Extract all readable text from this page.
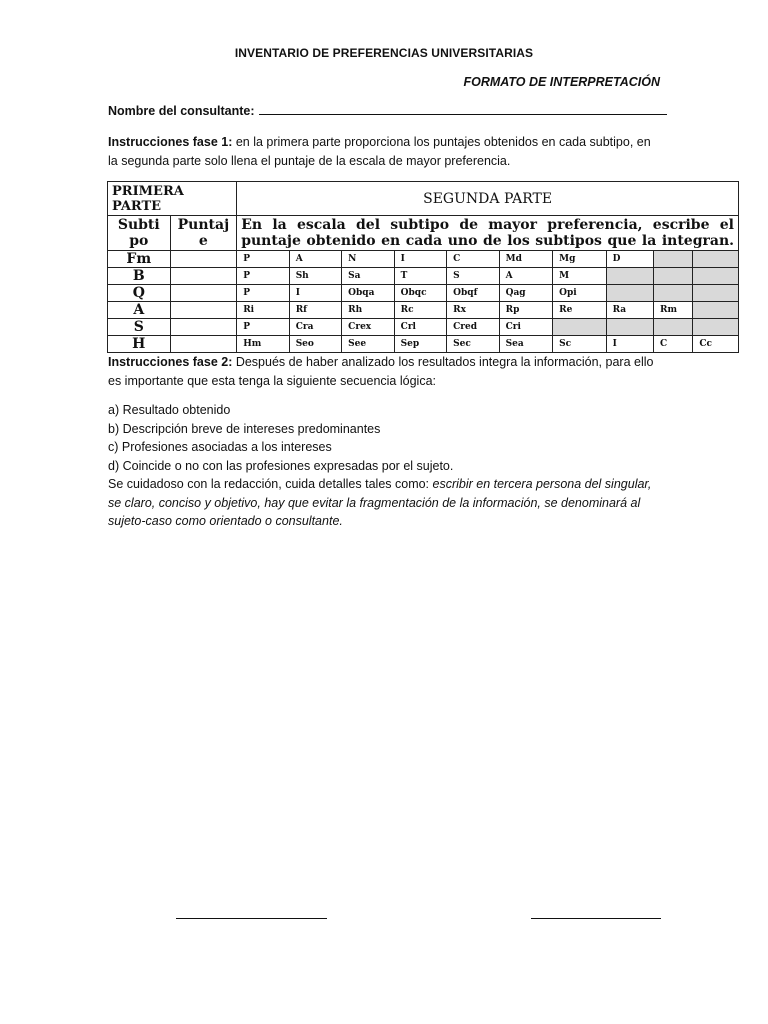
INVENTARIO DE PREFERENCIAS UNIVERSITARIAS
FORMATO DE INTERPRETACIÓN
Nombre del consultante:
Instrucciones fase 1: en la primera parte proporciona los puntajes obtenidos en cada subtipo, en la segunda parte solo llena el puntaje de la escala de mayor preferencia.
PRIMERA PARTE		SEGUNDA PARTE									
Subti po	Puntaj e	En la escala del subtipo de mayor preferencia, escribe el puntaje obtenido en cada uno de los subtipos que la integran.									
Fm		P	A	N	I	C	Md	Mg	D		
B		P	Sh	Sa	T	S	A	M			
Q		P	I	Obqa	Obqc	Obqf	Qag	Opi			
A		Ri	Rf	Rh	Rc	Rx	Rp	Re	Ra	Rm	
S		P	Cra	Crex	Crl	Cred	Cri				
H		Hm	Seo	See	Sep	Sec	Sea	Sc	I	C	Cc
Instrucciones fase 2: Después de haber analizado los resultados integra la información, para ello es importante que esta tenga la siguiente secuencia lógica:
a) Resultado obtenido
b) Descripción breve de intereses predominantes
c) Profesiones asociadas a los intereses
d) Coincide o no con las profesiones expresadas por el sujeto.
Se cuidadoso con la redacción, cuida detalles tales como: escribir en tercera persona del singular, se claro, conciso y objetivo, hay que evitar la fragmentación de la información, se denominará al sujeto-caso como orientado o consultante.
